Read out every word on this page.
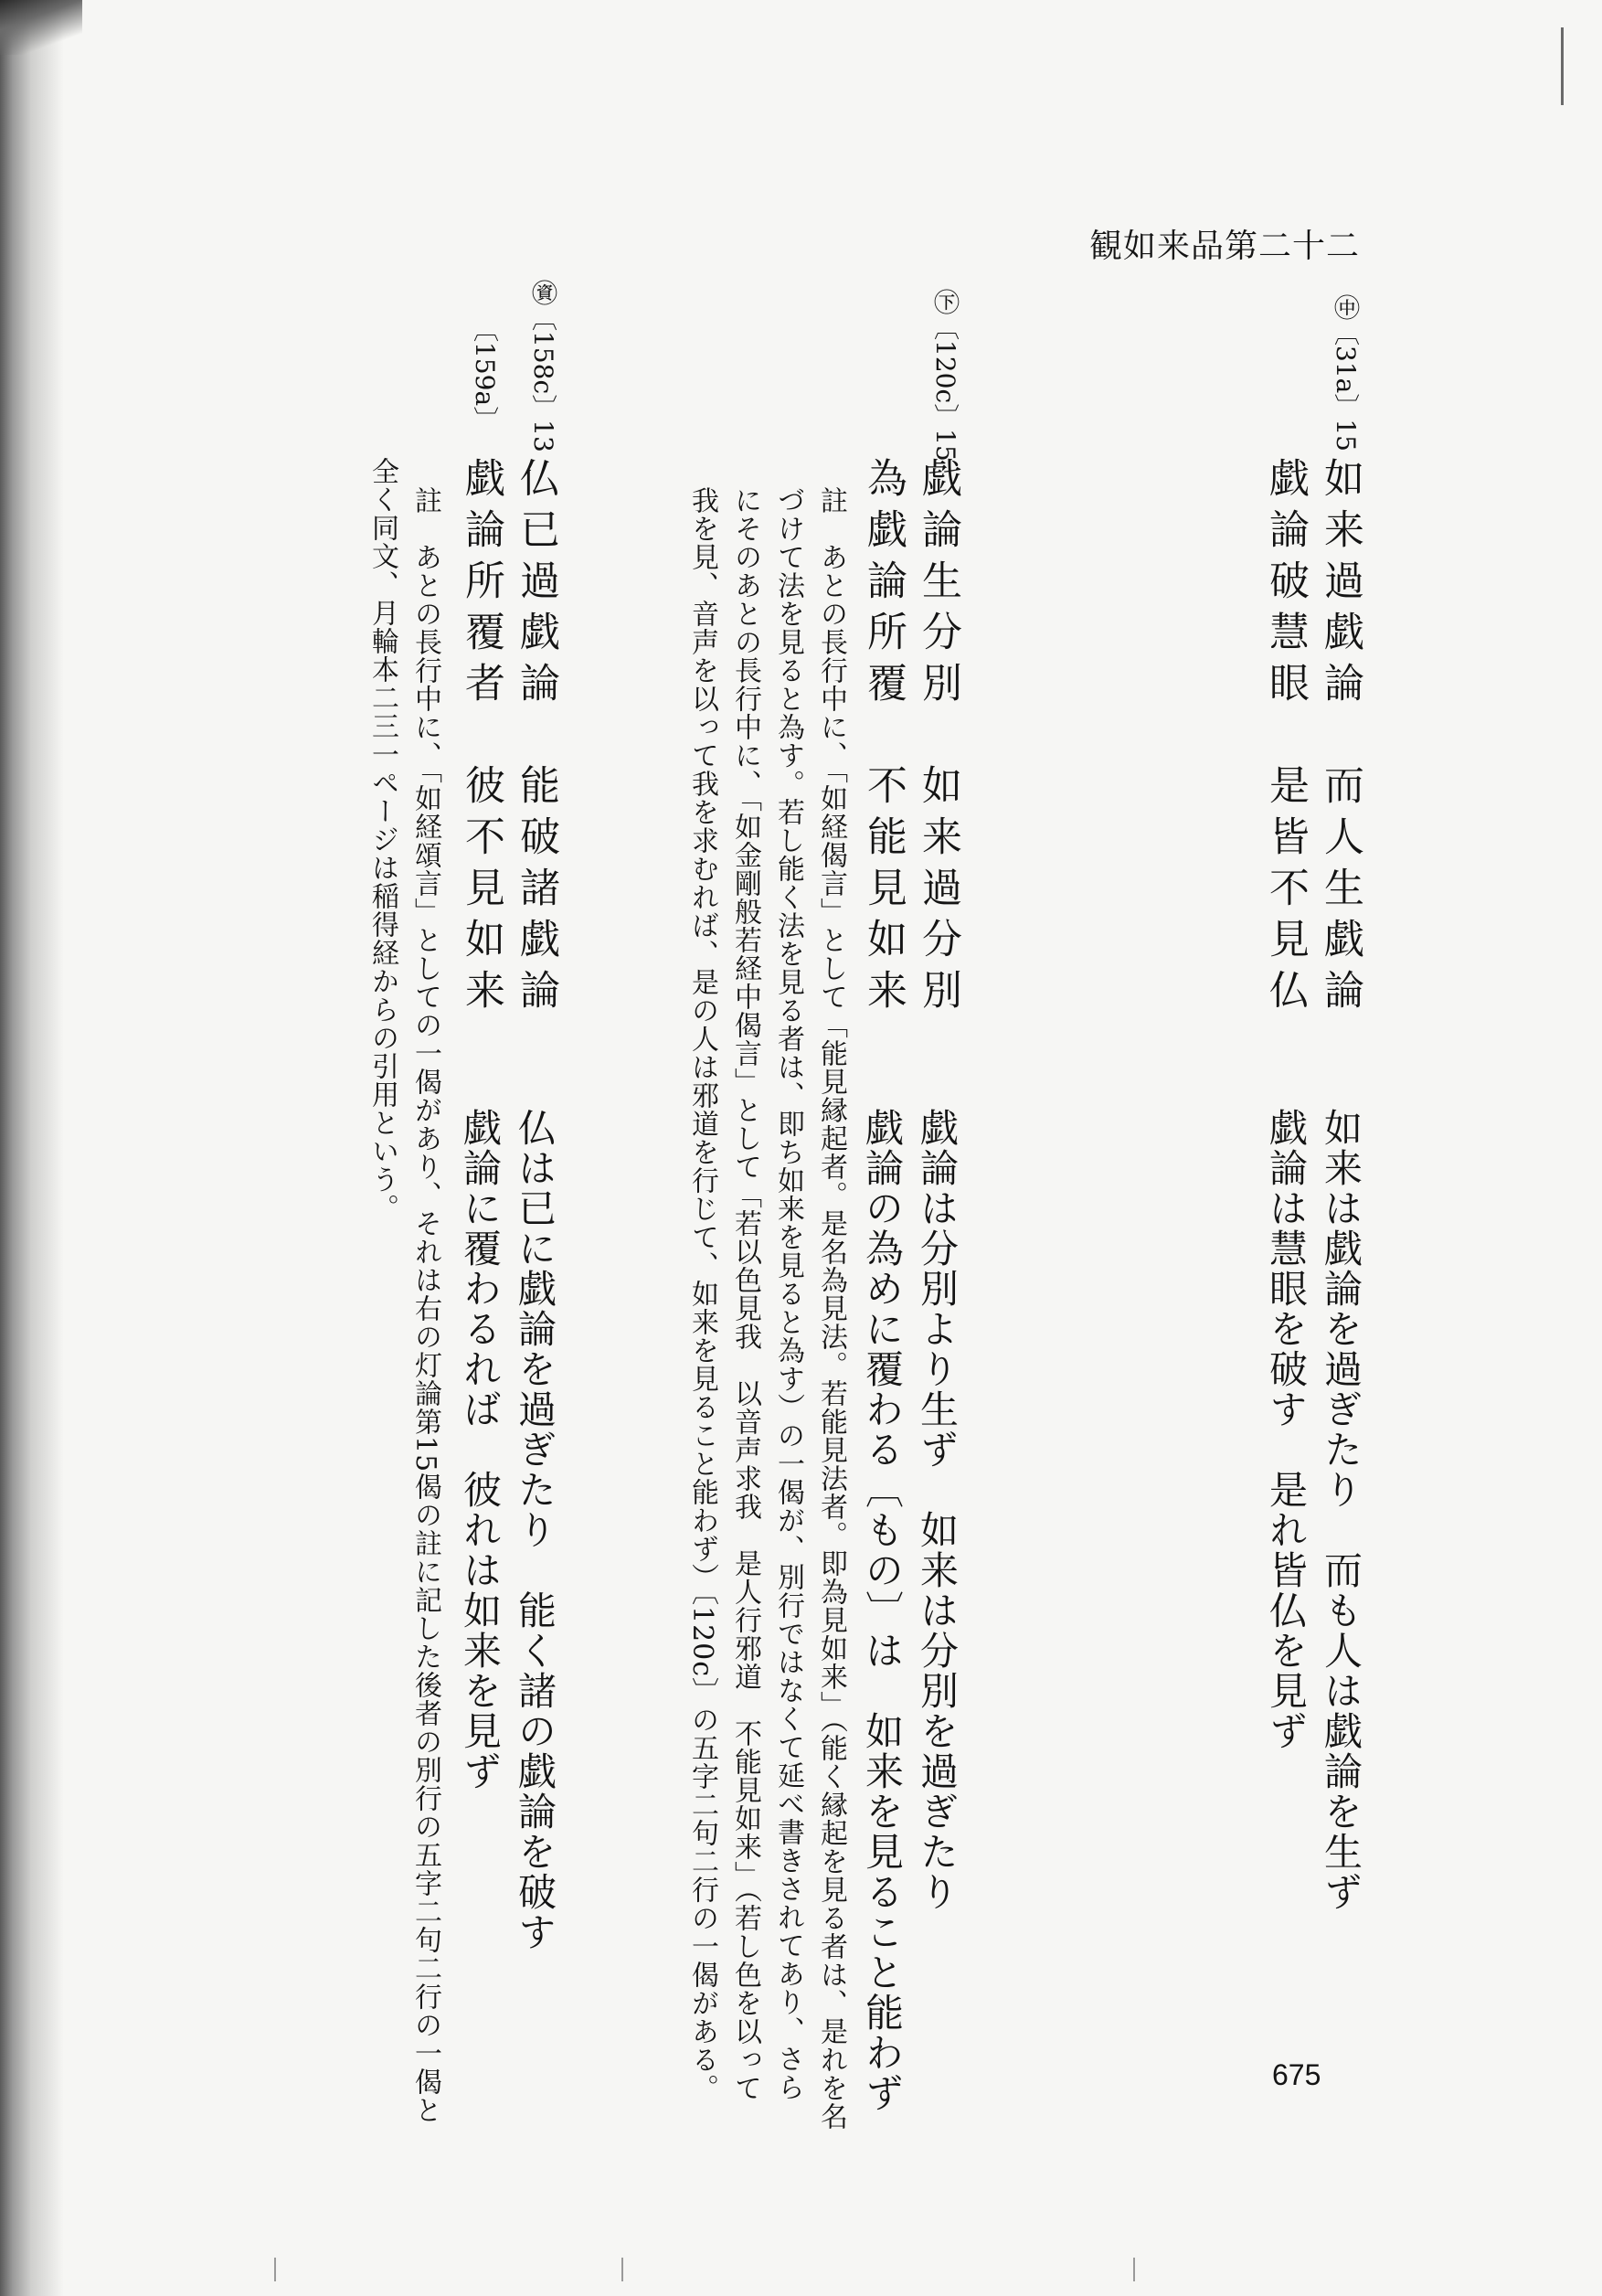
観如来品第二十二
㊥〔31a〕15
如来過戯論　而人生戯論
戯論破慧眼　是皆不見仏
如来は戯論を過ぎたり　而も人は戯論を生ず
戯論は慧眼を破す　是れ皆仏を見ず
㊦〔120c〕15
戯論生分別　如来過分別
為戯論所覆　不能見如来
戯論は分別より生ず　如来は分別を過ぎたり
戯論の為めに覆わる〔もの〕は　如来を見ること能わず
註　あとの長行中に、「如経偈言」として「能見縁起者。是名為見法。若能見法者。即為見如来」（能く縁起を見る者は、是れを名
づけて法を見ると為す。若し能く法を見る者は、即ち如来を見ると為す）の一偈が、別行ではなくて延べ書きされてあり、さら
にそのあとの長行中に、「如金剛般若経中偈言」として「若以色見我　以音声求我　是人行邪道　不能見如来」（若し色を以って
我を見、音声を以って我を求むれば、是の人は邪道を行じて、如来を見ること能わず）〔120c〕の五字二句二行の一偈がある。
㊮〔158c〕13
〔159a〕
仏已過戯論　能破諸戯論
戯論所覆者　彼不見如来
仏は已に戯論を過ぎたり　能く諸の戯論を破す
戯論に覆わるれば　彼れは如来を見ず
註　あとの長行中に、「如経頌言」としての一偈があり、それは右の灯論第15偈の註に記した後者の別行の五字二句二行の一偈と
全く同文、月輪本二三一ページは稲得経からの引用という。
675
